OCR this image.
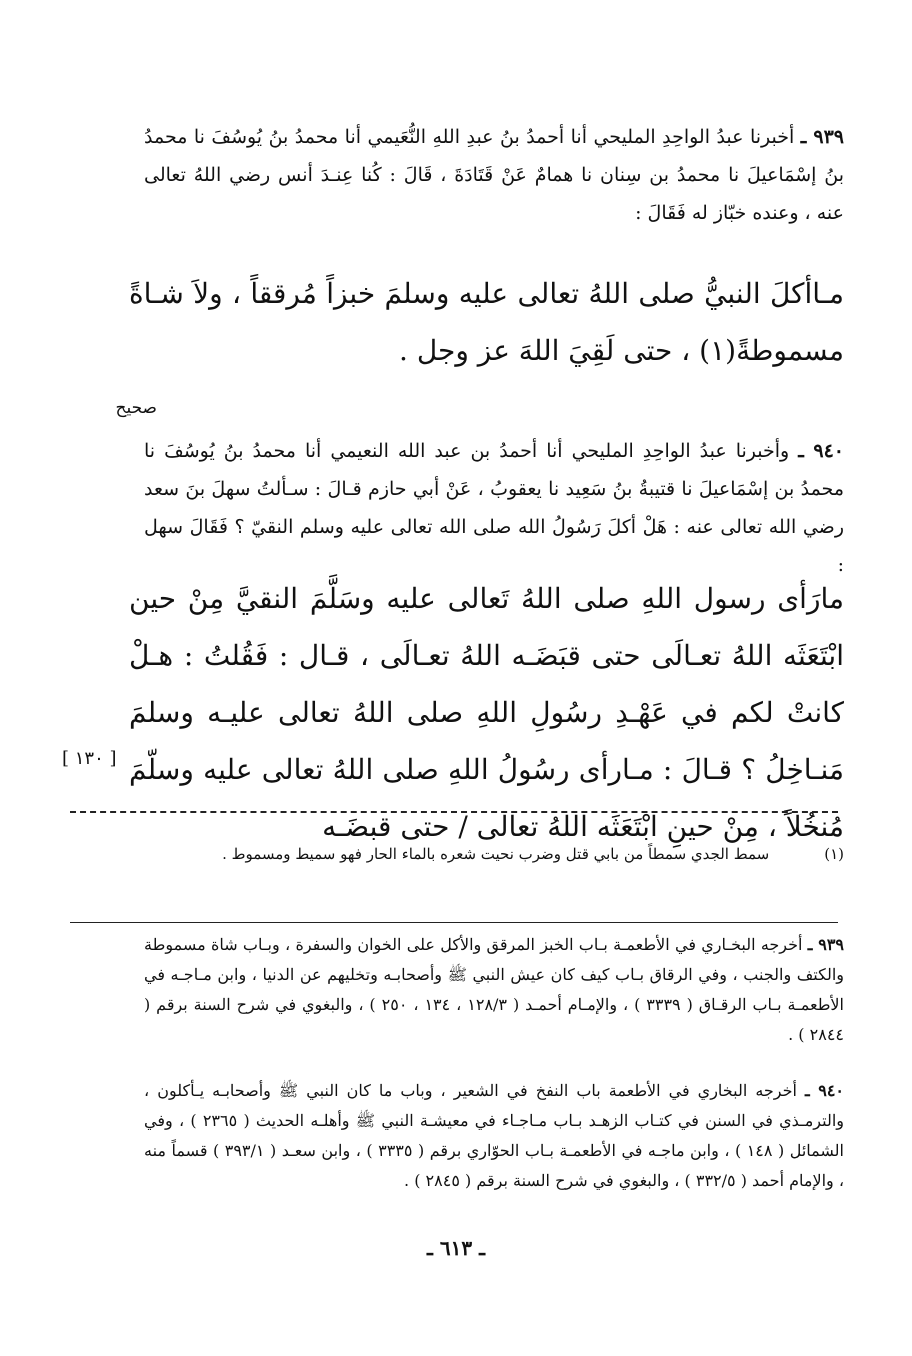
٩٣٩ ـ أخبرنا عبدُ الواحِدِ المليحي أنا أحمدُ بنُ عبدِ اللهِ النُّعَيمي أنا محمدُ بنُ يُوسُفَ نا محمدُ بنُ إسْمَاعيلَ نا محمدُ بن سِنان نا همامٌ عَنْ قَتَادَةَ ، قَالَ : كُنا عِنـدَ أنس رضي اللهُ تعالى عنه ، وعنده خبّاز له فَقَالَ :

مـاأكلَ النبيُّ صلى اللهُ تعالى عليه وسلمَ خبزاً مُرققاً ، ولاَ شـاةً مسموطةً(١) ، حتى لَقِيَ اللهَ عز وجل .

صحيح

٩٤٠ ـ وأخبرنا عبدُ الواحِدِ المليحي أنا أحمدُ بن عبد الله النعيمي أنا محمدُ بنُ يُوسُفَ نا محمدُ بن إسْمَاعيلَ نا قتيبةُ بنُ سَعِيد نا يعقوبُ ، عَنْ أبي حازم قـالَ : سـألتُ سهلَ بنَ سعد رضي الله تعالى عنه : هَلْ أكلَ رَسُولُ الله صلى الله تعالى عليه وسلم النقيّ ؟ فَقَالَ سهل :

مارَأى رسول اللهِ صلى اللهُ تَعالى عليه وسَلَّمَ النقيَّ مِنْ حين ابْتَعَثَه اللهُ تعـالَى حتى قبَضَـه اللهُ تعـالَى ، قـال : فَقُلتُ : هـلْ كانتْ لكم في عَهْـدِ رسُولِ اللهِ صلى اللهُ تعالى عليـه وسلمَ مَنـاخِلُ ؟ قـالَ : مـارأى رسُولُ اللهِ صلى اللهُ تعالى عليه وسلّمَ مُنخُلاً ، مِنْ حينِ ابْتَعَثَه اللهُ تعالى / حتى قبضَـه

[ ١٣٠ ]
(١) سمط الجدي سمطاً من بابي قتل وضرب نحيت شعره بالماء الحار فهو سميط ومسموط .

٩٣٩ ـ أخرجه البخـاري في الأطعمـة بـاب الخبز المرقق والأكل على الخوان والسفرة ، وبـاب شاة مسموطة والكتف والجنب ، وفي الرقاق بـاب كيف كان عيش النبي ﷺ وأصحابـه وتخليهم عن الدنيا ، وابن مـاجـه في الأطعمـة بـاب الرقـاق ( ٣٣٣٩ ) ، والإمـام أحمـد ( ١٢٨/٣ ، ١٣٤ ، ٢٥٠ ) ، والبغوي في شرح السنة برقم ( ٢٨٤٤ ) .

٩٤٠ ـ أخرجه البخاري في الأطعمة باب النفخ في الشعير ، وباب ما كان النبي ﷺ وأصحابـه يـأكلون ، والترمـذي في السنن في كتـاب الزهـد بـاب مـاجـاء في معيشـة النبي ﷺ وأهلـه الحديث ( ٢٣٦٥ ) ، وفي الشمائل ( ١٤٨ ) ، وابن ماجـه في الأطعمـة بـاب الحوّاري برقم ( ٣٣٣٥ ) ، وابن سعـد ( ٣٩٣/١ ) قسماً منه ، والإمام أحمد ( ٣٣٢/٥ ) ، والبغوي في شرح السنة برقم ( ٢٨٤٥ ) .

ـ ٦١٣ ـ
